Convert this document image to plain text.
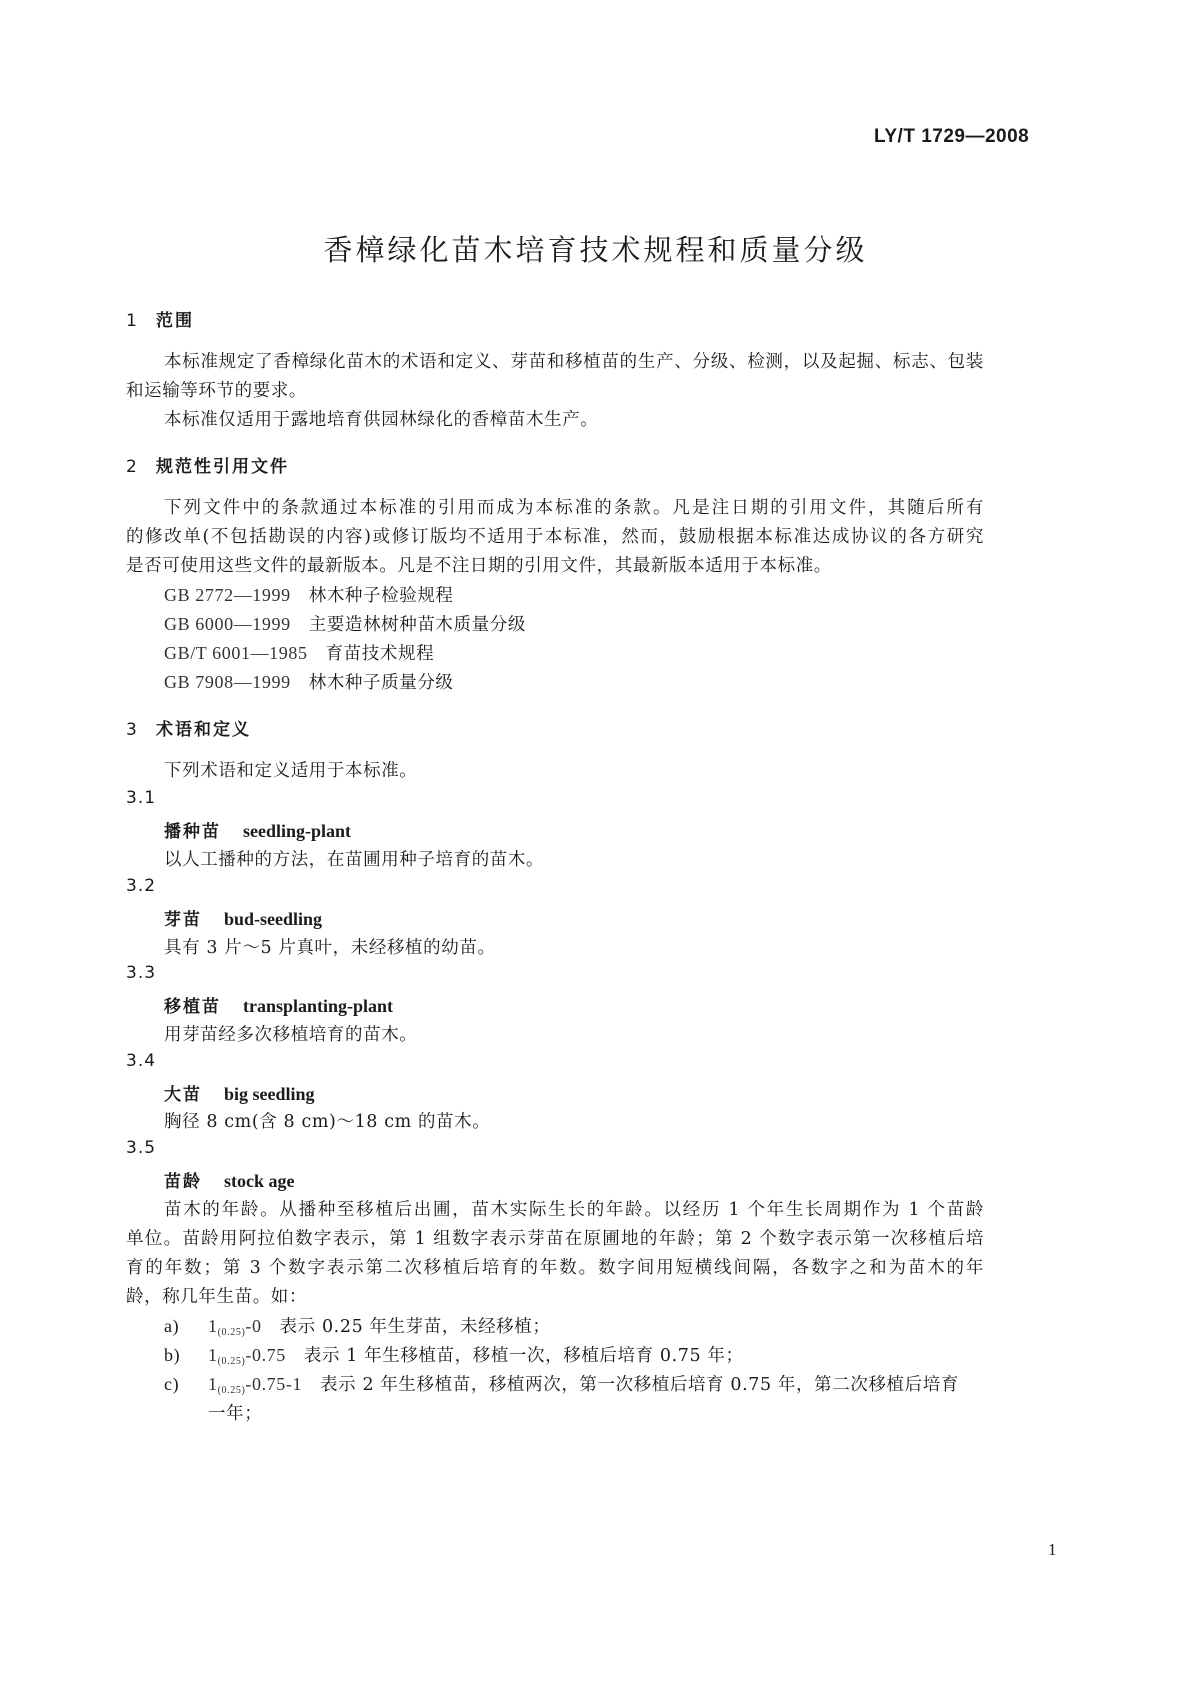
LY/T 1729—2008
香樟绿化苗木培育技术规程和质量分级
1 范围
本标准规定了香樟绿化苗木的术语和定义、芽苗和移植苗的生产、分级、检测，以及起掘、标志、包装
和运输等环节的要求。
本标准仅适用于露地培育供园林绿化的香樟苗木生产。
2 规范性引用文件
下列文件中的条款通过本标准的引用而成为本标准的条款。凡是注日期的引用文件，其随后所有
的修改单(不包括勘误的内容)或修订版均不适用于本标准，然而，鼓励根据本标准达成协议的各方研究
是否可使用这些文件的最新版本。凡是不注日期的引用文件，其最新版本适用于本标准。
GB 2772—1999 林木种子检验规程
GB 6000—1999 主要造林树种苗木质量分级
GB/T 6001—1985 育苗技术规程
GB 7908—1999 林木种子质量分级
3 术语和定义
下列术语和定义适用于本标准。
3.1
播种苗 seedling-plant
以人工播种的方法，在苗圃用种子培育的苗木。
3.2
芽苗 bud-seedling
具有 3 片～5 片真叶，未经移植的幼苗。
3.3
移植苗 transplanting-plant
用芽苗经多次移植培育的苗木。
3.4
大苗 big seedling
胸径 8 cm(含 8 cm)～18 cm 的苗木。
3.5
苗龄 stock age
苗木的年龄。从播种至移植后出圃，苗木实际生长的年龄。以经历 1 个年生长周期作为 1 个苗龄
单位。苗龄用阿拉伯数字表示，第 1 组数字表示芽苗在原圃地的年龄；第 2 个数字表示第一次移植后培
育的年数；第 3 个数字表示第二次移植后培育的年数。数字间用短横线间隔，各数字之和为苗木的年
龄，称几年生苗。如：
a) $1_{(0.25)}-0$ 表示 0.25 年生芽苗，未经移植；
b) $1_{(0.25)}-0.75$ 表示 1 年生移植苗，移植一次，移植后培育 0.75 年；
c) $1_{(0.25)}-0.75-1$ 表示 2 年生移植苗，移植两次，第一次移植后培育 0.75 年，第二次移植后培育
一年；
1
